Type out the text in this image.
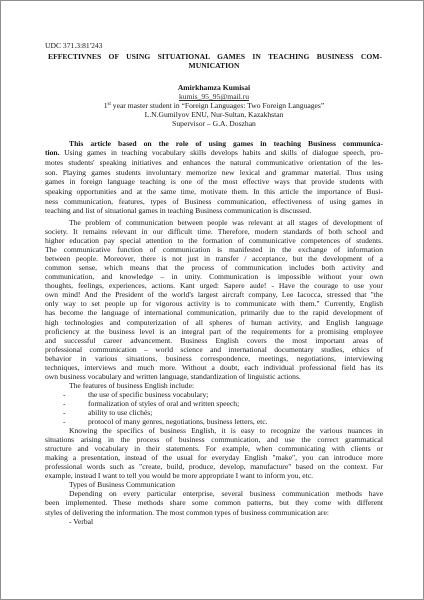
UDC 371.3:81'243
EFFECTIVNES OF USING SITUATIONAL GAMES IN TEACHING BUSINESS COM-
MUNICATION
Amirkhamza Kumisai
kumis_95_95@mail.ru
1st year master student in “Foreign Languages: Two Foreign Languages”
L.N.Gumilyov ENU, Nur-Sultan, Kazakhstan
Supervisor – G.A. Doszhan
This article based on the role of using games in teaching Business communica-
tion. Using games in teaching vocabulary skills develops habits and skills of dialogue speech, pro-
motes students' speaking initiatives and enhances the natural communicative orientation of the les-
son. Playing games students involuntary memorize new lexical and grammar material. Thus using
games in foreign language teaching is one of the most effective ways that provide students with
speaking opportunities and at the same time, motivate them. In this article the importance of Busi-
ness communication, features, types of Business communication, effectiveness of using games in
teaching and list of situational games in teaching Business communication is discussed.
The problem of communication between people was relevant at all stages of development of
society. It remains relevant in our difficult time. Therefore, modern standards of both school and
higher education pay special attention to the formation of communicative competences of students.
The communicative function of communication is manifested in the exchange of information
between people. Moreover, there is not just in transfer / acceptance, but the development of a
common sense, which means that the process of communication includes both activity and
communication, and knowledge – in unity. Communication is impossible without your own
thoughts, feelings, experiences, actions. Kant urged: Sapere aude! - Have the courage to use your
own mind! And the President of the world's largest aircraft company, Lee Iacocca, stressed that "the
only way to set people up for vigorous activity is to communicate with them." Currently, English
has become the language of international communication, primarily due to the rapid development of
high technologies and computerization of all spheres of human activity, and English language
proficiency at the business level is an integral part of the requirements for a promising employee
and successful career advancement. Business English covers the most important areas of
professional communication – world science and international documentary studies, ethics of
behavior in various situations, business correspondence, meetings, negotiations, interviewing
techniques, interviews and much more. Without a doubt, each individual professional field has its
own business vocabulary and written language, standardization of linguistic actions.
The features of business English include:
-	the use of specific business vocabulary;
-	formalization of styles of oral and written speech;
-	ability to use clichés;
-	protocol of many genres, negotiations, business letters, etc.
Knowing the specifics of business English, it is easy to recognize the various nuances in
situations arising in the process of business communication, and use the correct grammatical
structure and vocabulary in their statements. For example, when communicating with clients or
making a presentation, instead of the usual for everyday English "make", you can introduce more
professional words such as "create, build, produce, develop, manufacture" based on the context. For
example, instead I want to tell you would be more appropriate I want to inform you, etc.
Types of Business Communication
Depending on every particular enterprise, several business communication methods have
been implemented. These methods share some common patterns, but they come with different
styles of delivering the information. The most common types of business communication are:
- Verbal
